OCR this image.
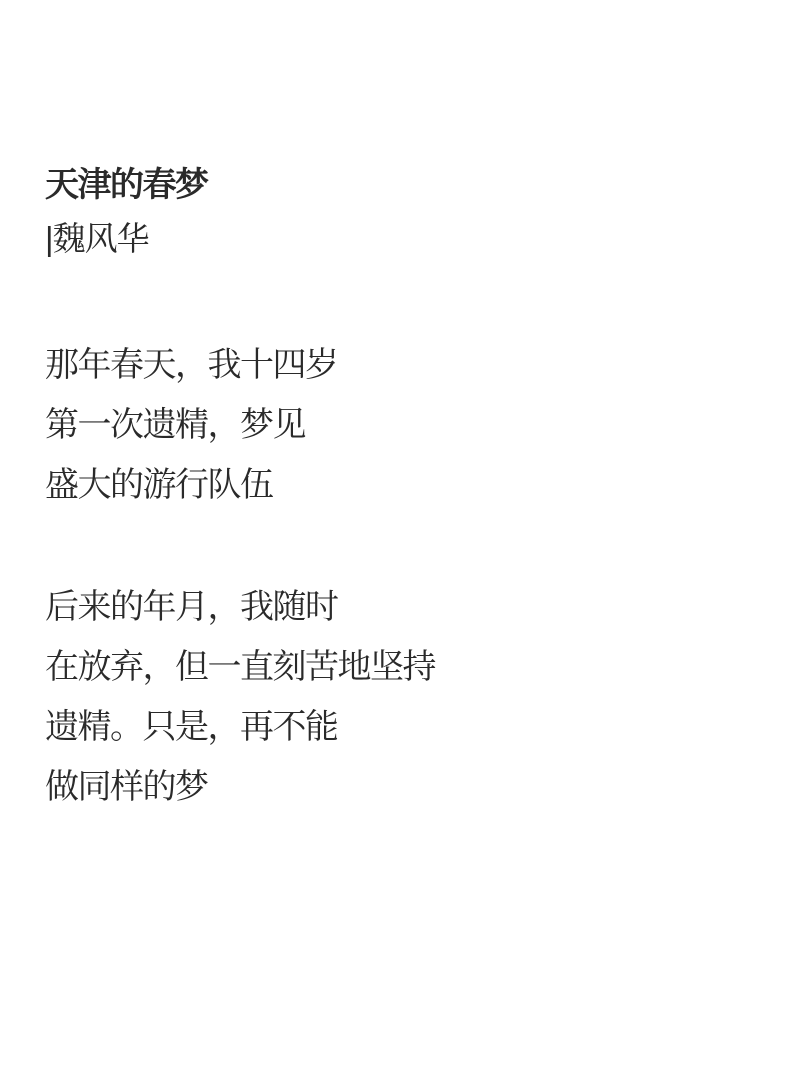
天津的春梦
|魏风华
那年春天，我十四岁
第一次遗精，梦见
盛大的游行队伍
后来的年月，我随时
在放弃，但一直刻苦地坚持
遗精。只是，再不能
做同样的梦
